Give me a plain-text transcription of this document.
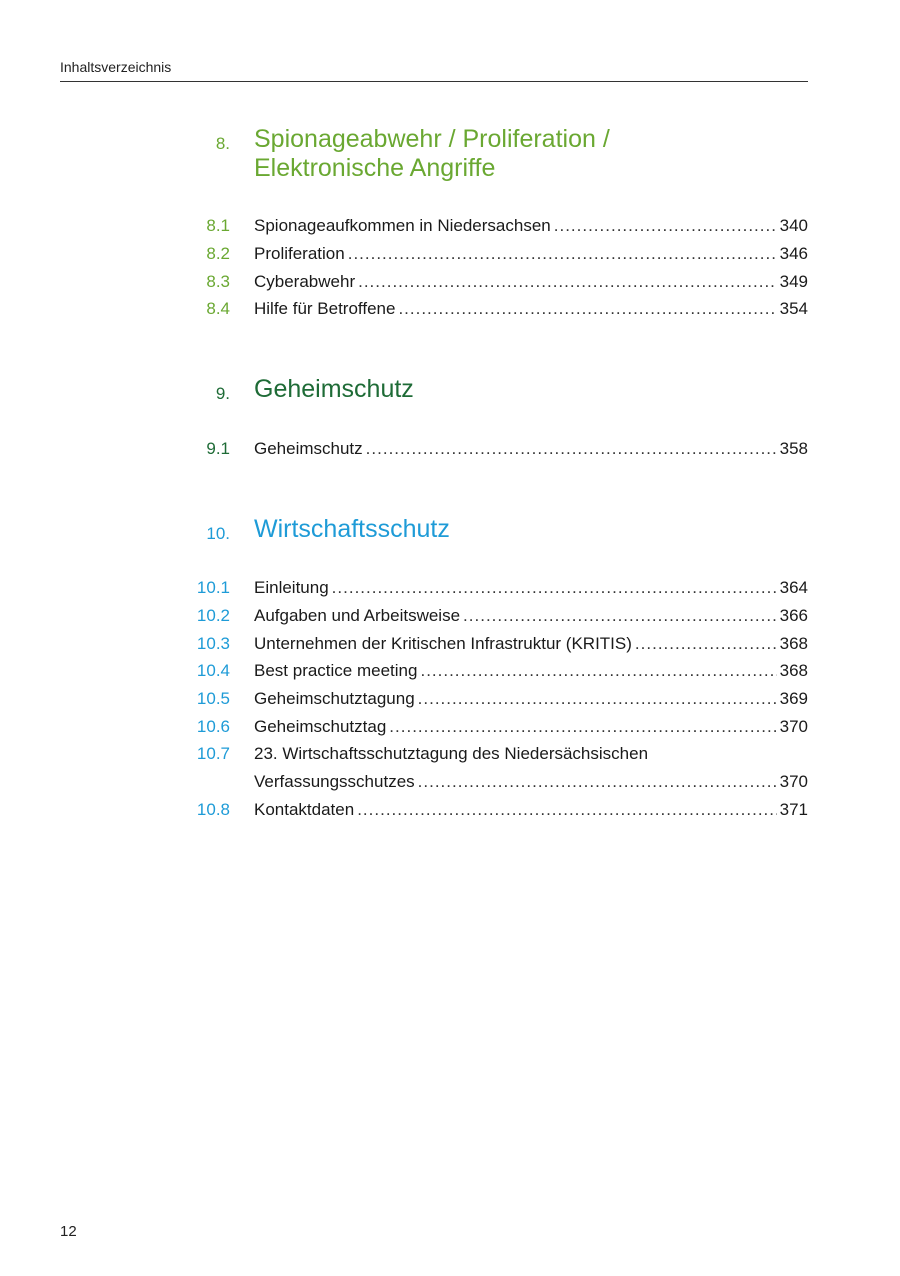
Inhaltsverzeichnis
8. Spionageabwehr / Proliferation /
Elektronische Angriffe
8.1 Spionageaufkommen in Niedersachsen .....	340
8.2 Proliferation .....	346
8.3 Cyberabwehr .....	349
8.4 Hilfe für Betroffene .....	354
9. Geheimschutz
9.1 Geheimschutz .....	358
10. Wirtschaftsschutz
10.1 Einleitung .....	364
10.2 Aufgaben und Arbeitsweise .....	366
10.3 Unternehmen der Kritischen Infrastruktur (KRITIS) .....	368
10.4 Best practice meeting .....	368
10.5 Geheimschutztagung .....	369
10.6 Geheimschutztag .....	370
10.7 23. Wirtschaftsschutztagung des Niedersächsischen
Verfassungsschutzes .....	370
10.8 Kontaktdaten .....	371
12
